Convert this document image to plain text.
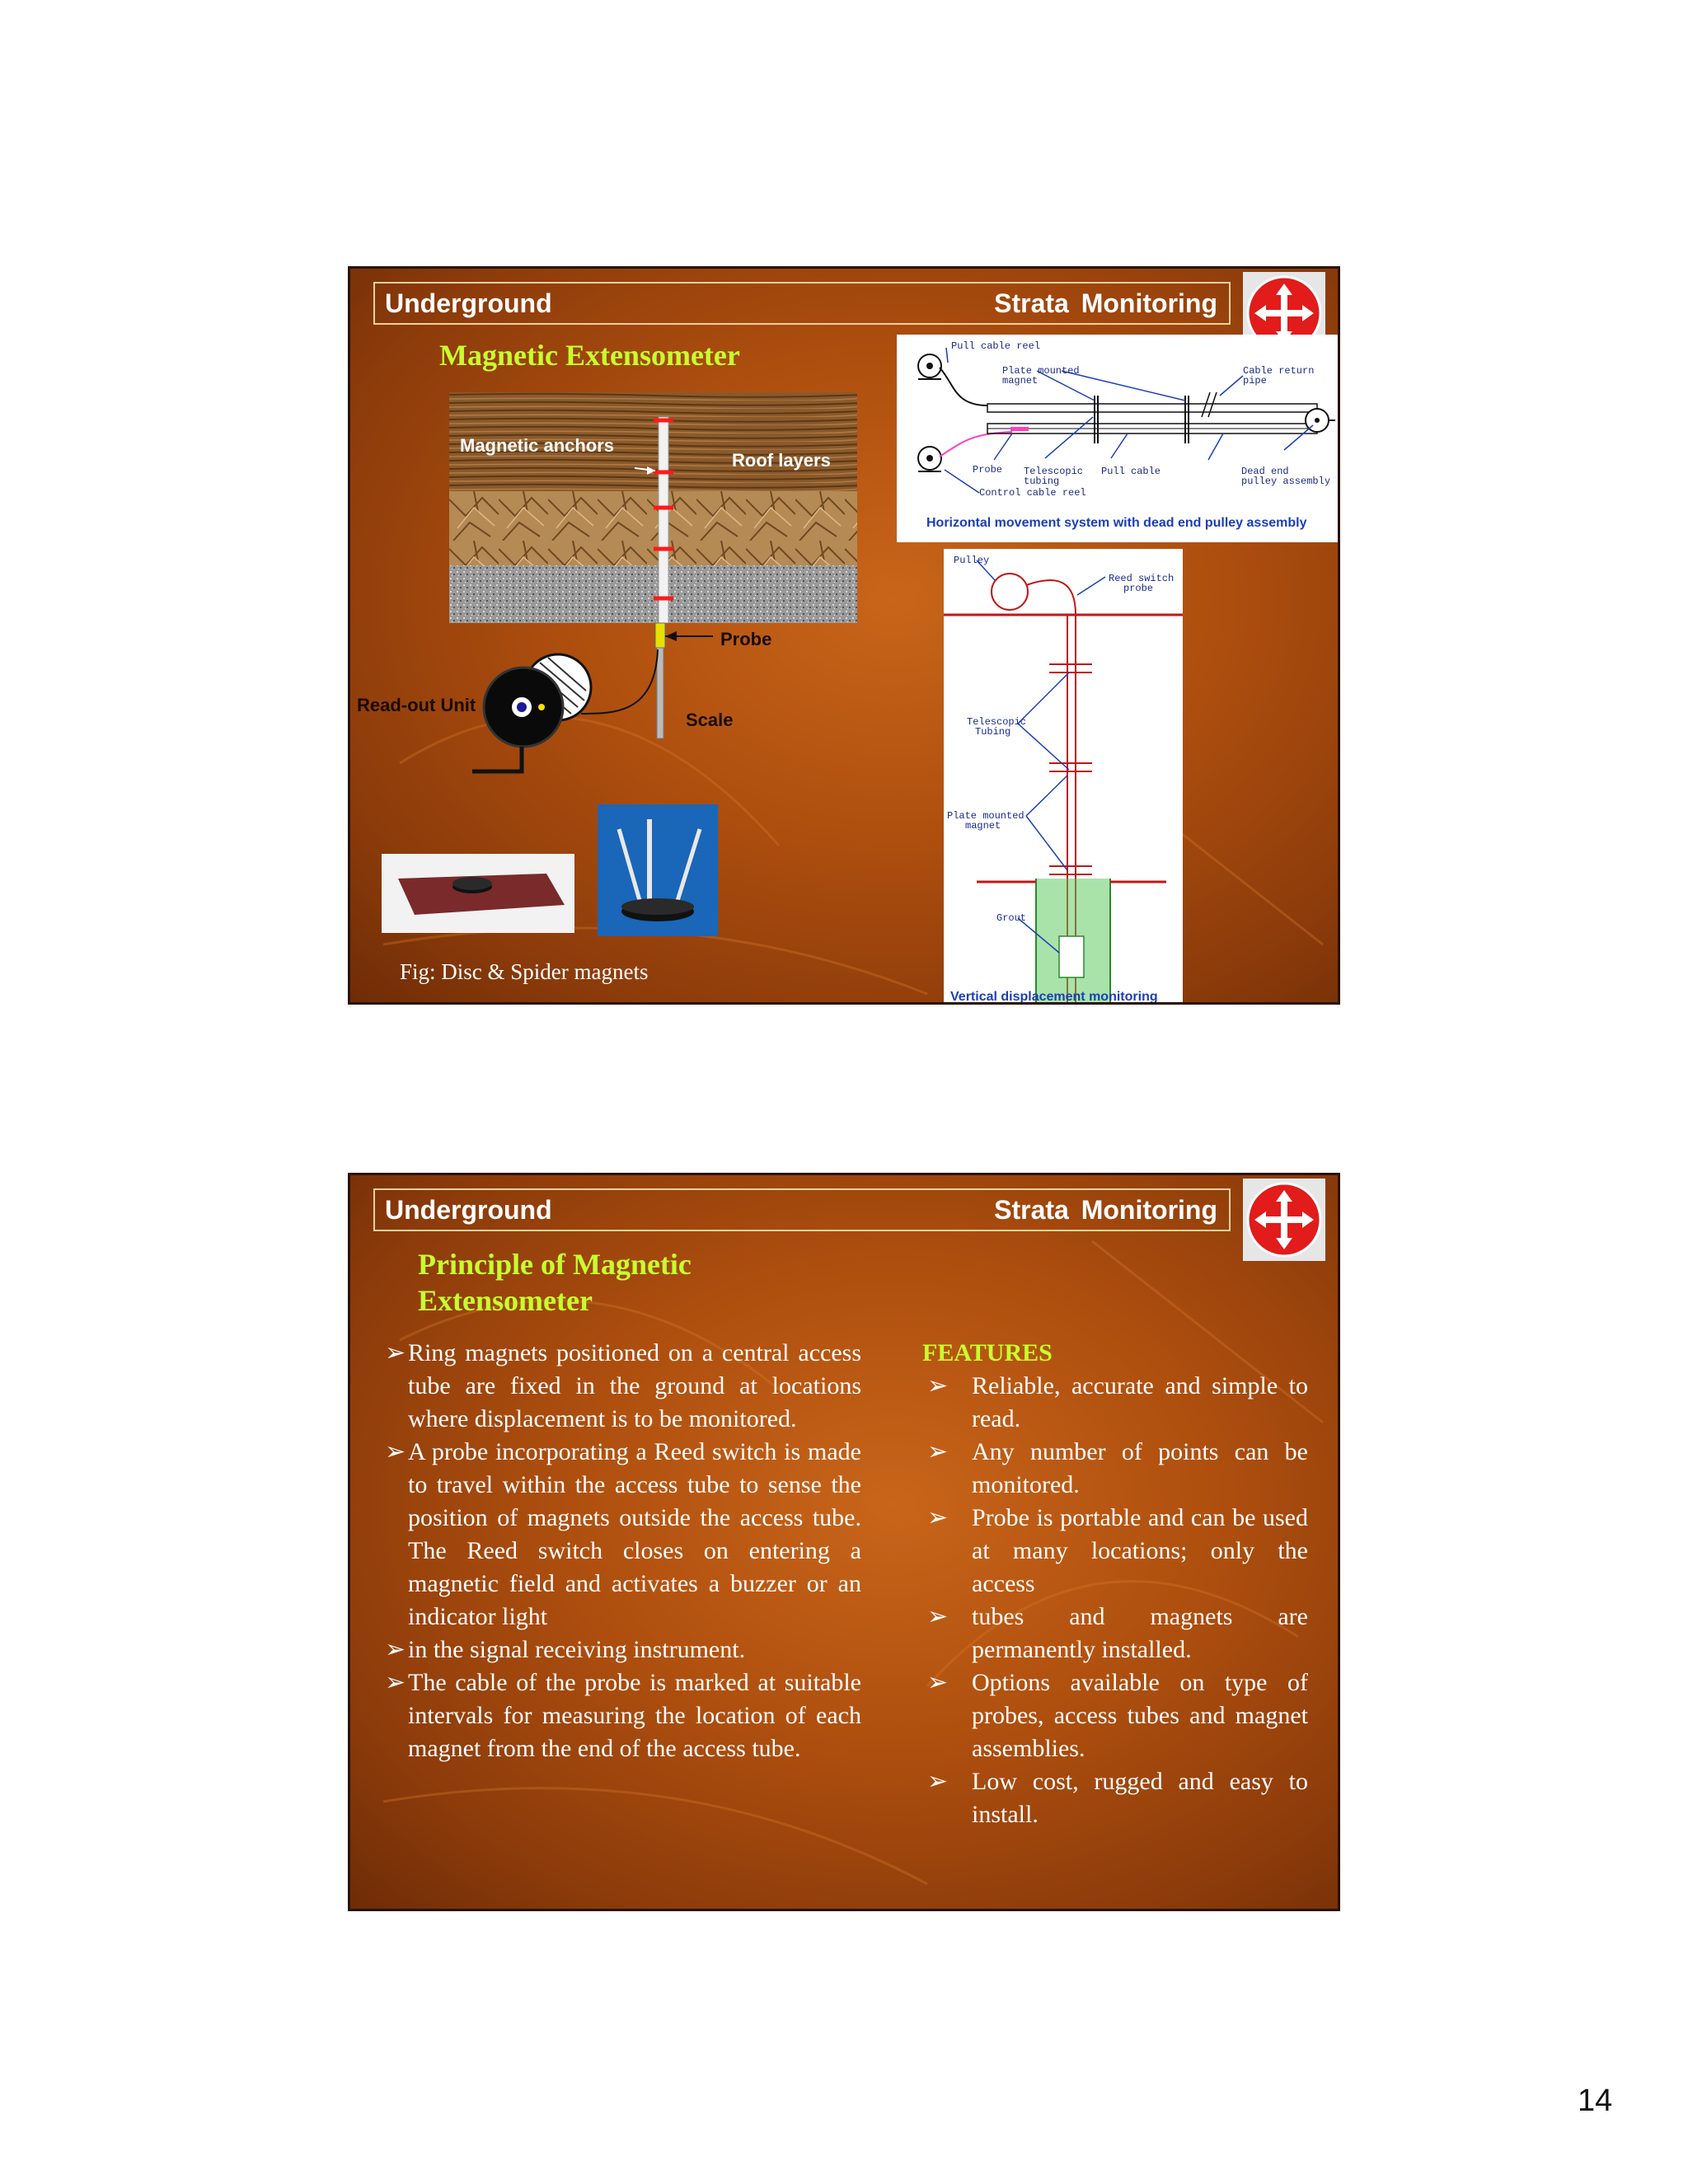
Underground	Strata Monitoring
Magnetic Extensometer
Magnetic anchors
Roof layers
Probe
Read-out Unit
Scale
Fig: Disc & Spider magnets
Pull cable reel
Plate mounted
magnet
Cable return
pipe
Probe Telescopic
tubing
Pull cable	Dead end
pulley assembly
Control cable reel
Horizontal movement system with dead end pulley assembly
Pulley
Reed switch
probe
Telescopic
Tubing
Plate mounted
magnet
Grout
Vertical displacement monitoring
Underground	Strata Monitoring
Principle of Magnetic
Extensometer
➢ Ring magnets positioned on a central access tube are fixed in the ground at locations where displacement is to be monitored.
➢ A probe incorporating a Reed switch is made to travel within the access tube to sense the position of magnets outside the access tube. The Reed switch closes on entering a magnetic field and activates a buzzer or an indicator light
➢ in the signal receiving instrument.
➢ The cable of the probe is marked at suitable intervals for measuring the location of each magnet from the end of the access tube.
FEATURES
➢ Reliable, accurate and simple to read.
➢ Any number of points can be monitored.
➢ Probe is portable and can be used at many locations; only the access
➢ tubes and magnets are permanently installed.
➢ Options available on type of probes, access tubes and magnet assemblies.
➢ Low cost, rugged and easy to install.
14
